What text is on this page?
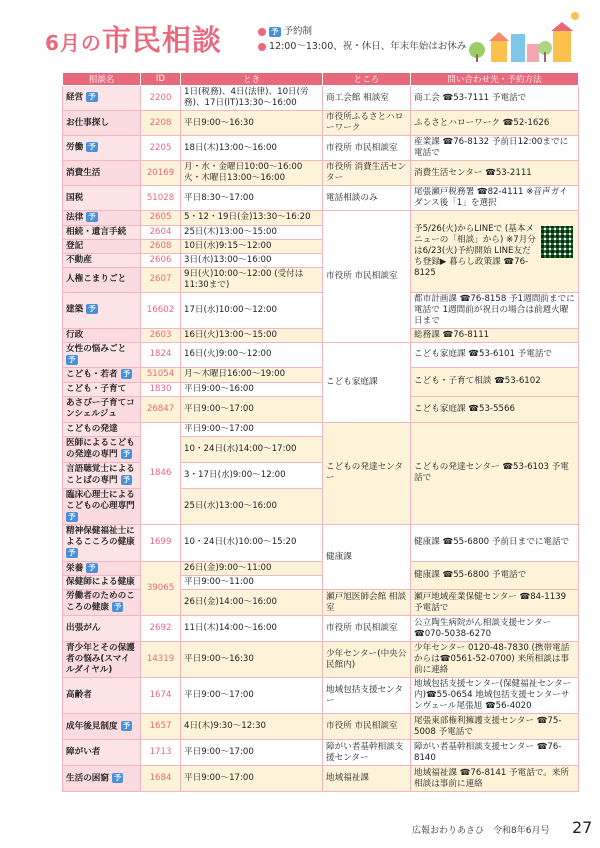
6月の市民相談	予 予約制
12:00～13:00、祝・休日、年末年始はお休み
相談名	ID	とき	ところ	問い合わせ先・予約方法
経営 予	2200	1日(税務)、4日(法律)、10日(労務)、17日(IT)13:30～16:00	商工会館 相談室	商工会 ☎53-7111 予電話で
お仕事探し	2208	平日9:00～16:30	市役所ふるさとハローワーク	ふるさとハローワーク ☎52-1626
労働 予	2205	18日(木)13:00～16:00	市役所 市民相談室	産業課 ☎76-8132 予前日12:00までに電話で
消費生活	20169	月・水・金曜日10:00～16:00 火・木曜日13:00～16:00	市役所 消費生活センター	消費生活センター ☎53-2111
国税	51028	平日8:30～17:00	電話相談のみ	尾張瀬戸税務署 ☎82-4111 ※音声ガイダンス後「1」を選択
法律 予	2605	5・12・19日(金)13:30～16:20	市役所 市民相談室	予5/26(火)からLINEで (基本メニューの「相談」から) ※7月分は6/23(火)予約開始 LINE友だち登録▶ 暮らし政策課 ☎76-8125
相続・遺言手続	2604	25日(木)13:00～15:00		
登記	2608	10日(水)9:15～12:00		
不動産	2606	3日(水)13:00～16:00		
人権こまりごと	2607	9日(火)10:00～12:00 (受付は11:30まで)		
建築 予	16602	17日(水)10:00～12:00		都市計画課 ☎76-8158 予1週間前までに電話で 1週間前が祝日の場合は前週火曜日まで
行政	2603	16日(火)13:00～15:00		総務課 ☎76-8111
女性の悩みごと 予	1824	16日(火)9:00～12:00	こども家庭課	こども家庭課 ☎53-6101 予電話で
こども・若者 予	51054	月～木曜日16:00～19:00		こども・子育て相談 ☎53-6102
こども・子育て	1830	平日9:00～16:00		
あさぴー子育てコンシェルジュ	26847	平日9:00～17:00		こども家庭課 ☎53-5566
こどもの発達	1846	平日9:00～17:00	こどもの発達センター	こどもの発達センター ☎53-6103 予電話で
医師によるこどもの発達の専門 予		10・24日(水)14:00～17:00		
言語聴覚士によることばの専門 予		3・17日(水)9:00～12:00		
臨床心理士によるこどもの心理専門 予		25日(水)13:00～16:00		
精神保健福祉士によるこころの健康 予	1699	10・24日(水)10:00～15:20	健康課	健康課 ☎55-6800 予前日までに電話で
栄養 予	39065	26日(金)9:00～11:00		健康課 ☎55-6800 予電話で
保健師による健康		平日9:00～11:00		
労働者のためのこころの健康 予		26日(金)14:00～16:00	瀬戸旭医師会館 相談室	瀬戸地域産業保健センター ☎84-1139 予電話で
出張がん	2692	11日(木)14:00～16:00	市役所 市民相談室	公立陶生病院がん相談支援センター ☎070-5038-6270
青少年とその保護者の悩み(スマイルダイヤル)	14319	平日9:00～16:30	少年センター(中央公民館内)	少年センター 0120-48-7830 (携帯電話からは☎0561-52-0700) 来所相談は事前に連絡
高齢者	1674	平日9:00～17:00	地域包括支援センター	地域包括支援センター(保健福祉センター内)☎55-0654 地域包括支援センターサンヴェール尾張旭 ☎56-4020
成年後見制度 予	1657	4日(木)9:30～12:30	市役所 市民相談室	尾張東部権利擁護支援センター ☎75-5008 予電話で
障がい者	1713	平日9:00～17:00	障がい者基幹相談支援センター	障がい者基幹相談支援センター ☎76-8140
生活の困窮 予	1684	平日9:00～17:00	地域福祉課	地域福祉課 ☎76-8141 予電話で。来所相談は事前に連絡
広報おわりあさひ　令和8年6月号 27
